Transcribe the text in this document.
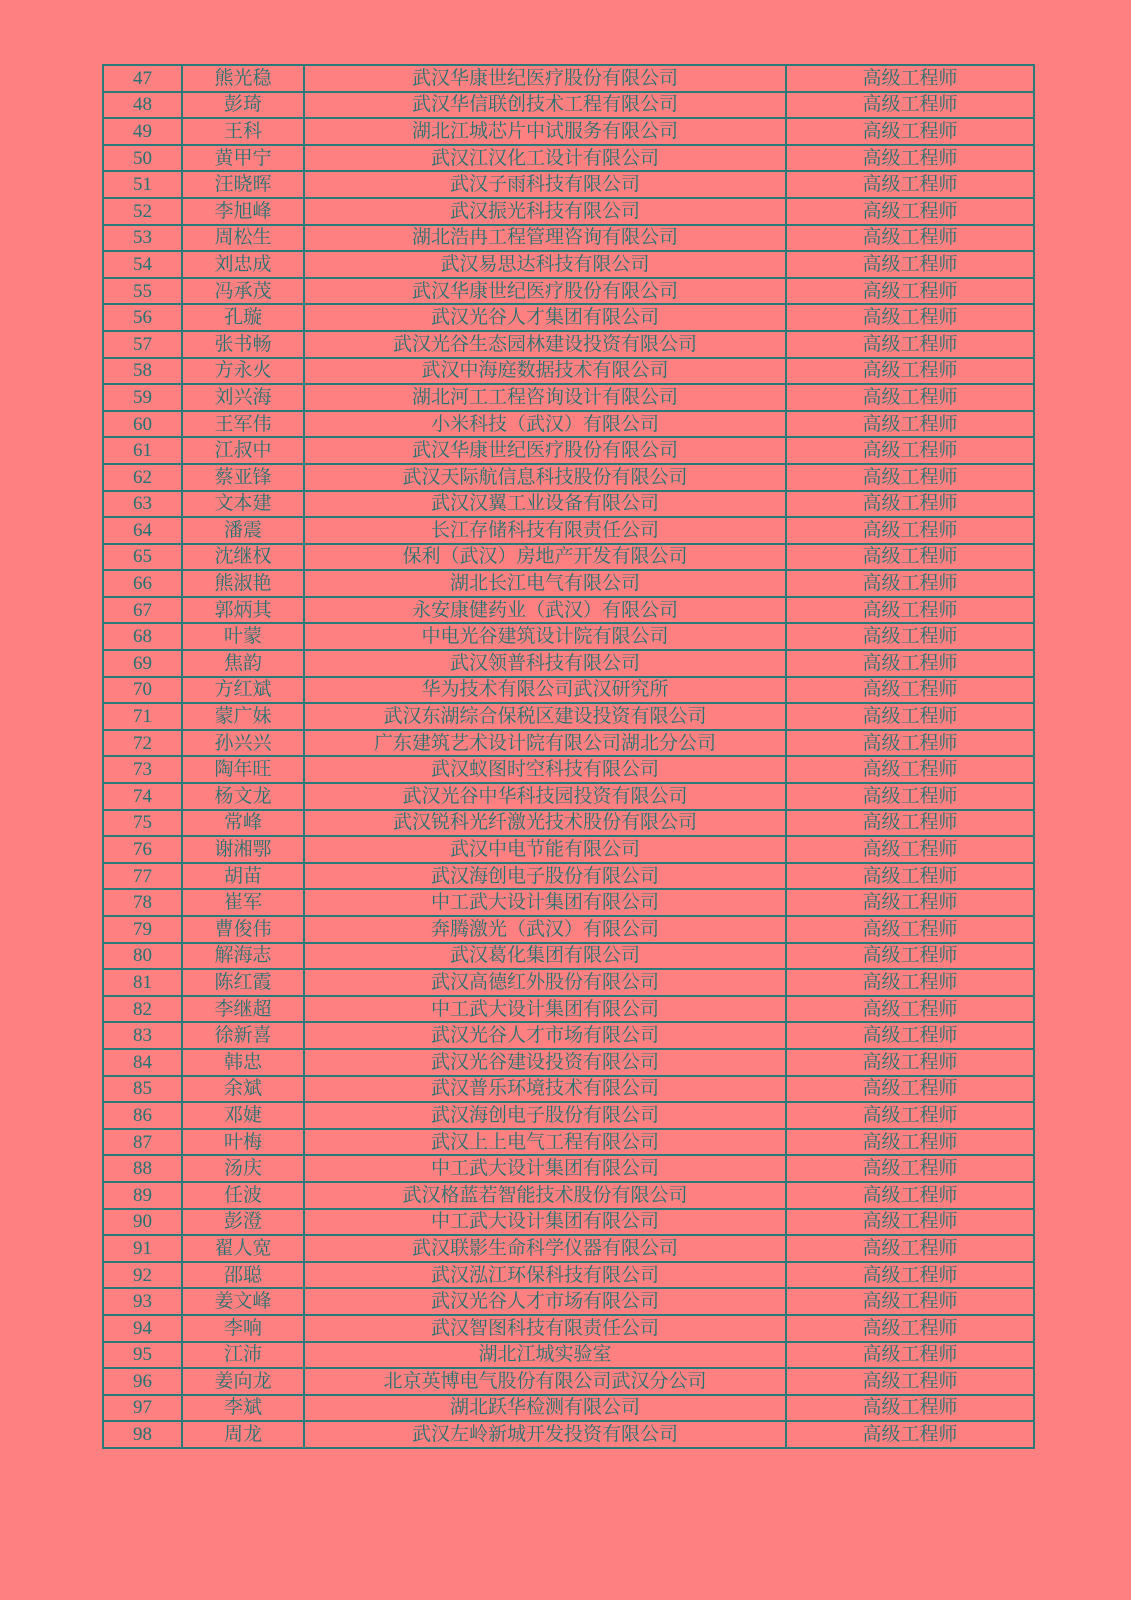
47	熊光稳	武汉华康世纪医疗股份有限公司	高级工程师
48	彭琦	武汉华信联创技术工程有限公司	高级工程师
49	王科	湖北江城芯片中试服务有限公司	高级工程师
50	黄甲宁	武汉江汉化工设计有限公司	高级工程师
51	汪晓晖	武汉子雨科技有限公司	高级工程师
52	李旭峰	武汉振光科技有限公司	高级工程师
53	周松生	湖北浩冉工程管理咨询有限公司	高级工程师
54	刘忠成	武汉易思达科技有限公司	高级工程师
55	冯承茂	武汉华康世纪医疗股份有限公司	高级工程师
56	孔璇	武汉光谷人才集团有限公司	高级工程师
57	张书畅	武汉光谷生态园林建设投资有限公司	高级工程师
58	方永火	武汉中海庭数据技术有限公司	高级工程师
59	刘兴海	湖北河工工程咨询设计有限公司	高级工程师
60	王军伟	小米科技（武汉）有限公司	高级工程师
61	江叔中	武汉华康世纪医疗股份有限公司	高级工程师
62	蔡亚锋	武汉天际航信息科技股份有限公司	高级工程师
63	文本建	武汉汉翼工业设备有限公司	高级工程师
64	潘震	长江存储科技有限责任公司	高级工程师
65	沈继权	保利（武汉）房地产开发有限公司	高级工程师
66	熊淑艳	湖北长江电气有限公司	高级工程师
67	郭炳其	永安康健药业（武汉）有限公司	高级工程师
68	叶蒙	中电光谷建筑设计院有限公司	高级工程师
69	焦韵	武汉领普科技有限公司	高级工程师
70	方红斌	华为技术有限公司武汉研究所	高级工程师
71	蒙广妹	武汉东湖综合保税区建设投资有限公司	高级工程师
72	孙兴兴	广东建筑艺术设计院有限公司湖北分公司	高级工程师
73	陶年旺	武汉蚁图时空科技有限公司	高级工程师
74	杨文龙	武汉光谷中华科技园投资有限公司	高级工程师
75	常峰	武汉锐科光纤激光技术股份有限公司	高级工程师
76	谢湘鄂	武汉中电节能有限公司	高级工程师
77	胡苗	武汉海创电子股份有限公司	高级工程师
78	崔军	中工武大设计集团有限公司	高级工程师
79	曹俊伟	奔腾激光（武汉）有限公司	高级工程师
80	解海志	武汉葛化集团有限公司	高级工程师
81	陈红霞	武汉高德红外股份有限公司	高级工程师
82	李继超	中工武大设计集团有限公司	高级工程师
83	徐新喜	武汉光谷人才市场有限公司	高级工程师
84	韩忠	武汉光谷建设投资有限公司	高级工程师
85	余斌	武汉普乐环境技术有限公司	高级工程师
86	邓婕	武汉海创电子股份有限公司	高级工程师
87	叶梅	武汉上上电气工程有限公司	高级工程师
88	汤庆	中工武大设计集团有限公司	高级工程师
89	任波	武汉格蓝若智能技术股份有限公司	高级工程师
90	彭澄	中工武大设计集团有限公司	高级工程师
91	翟人宽	武汉联影生命科学仪器有限公司	高级工程师
92	邵聪	武汉泓江环保科技有限公司	高级工程师
93	姜文峰	武汉光谷人才市场有限公司	高级工程师
94	李响	武汉智图科技有限责任公司	高级工程师
95	江沛	湖北江城实验室	高级工程师
96	姜向龙	北京英博电气股份有限公司武汉分公司	高级工程师
97	李斌	湖北跃华检测有限公司	高级工程师
98	周龙	武汉左岭新城开发投资有限公司	高级工程师
